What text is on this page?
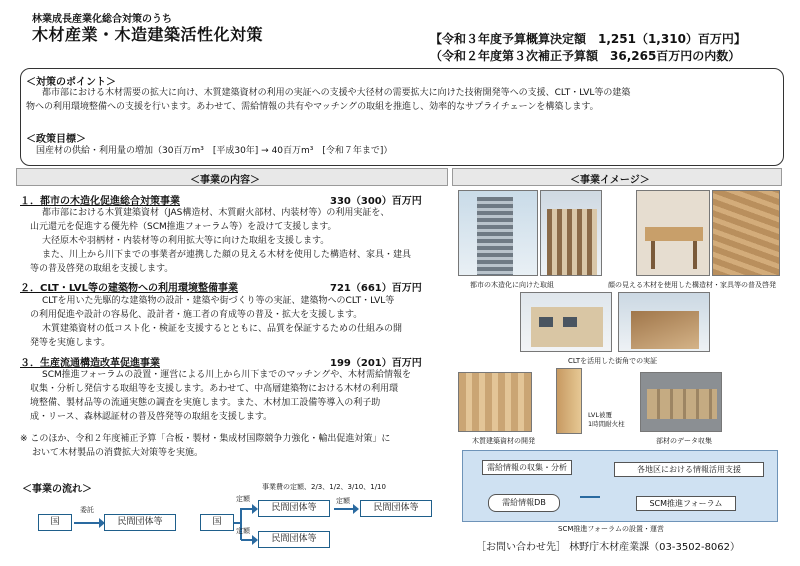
林業成長産業化総合対策のうち
木材産業・木造建築活性化対策	【令和３年度予算概算決定額　1,251（1,310）百万円】
（令和２年度第３次補正予算額　36,265百万円の内数）
＜対策のポイント＞
都市部における木材需要の拡大に向け、木質建築資材の利用の実証への支援や大径材の需要拡大に向けた技術開発等への支援、CLT・LVL等の建築
物への利用環境整備への支援を行います。あわせて、需給情報の共有やマッチングの取組を推進し、効率的なサプライチェーンを構築します。
＜政策目標＞
国産材の供給・利用量の増加（30百万m³　[平成30年] → 40百万m³　[令和７年まで]）
＜事業の内容＞
１．都市の木造化促進総合対策事業	330（300）百万円
都市部における木質建築資材（JAS構造材、木質耐火部材、内装材等）の利用実証を、
山元還元を促進する優先枠（SCM推進フォーラム等）を設けて支援します。
大径原木や羽柄材・内装材等の利用拡大等に向けた取組を支援します。
また、川上から川下までの事業者が連携した顔の見える木材を使用した構造材、家具・建具
等の普及啓発の取組を支援します。
２．CLT・LVL等の建築物への利用環境整備事業	721（661）百万円
CLTを用いた先駆的な建築物の設計・建築や街づくり等の実証、建築物へのCLT・LVL等
の利用促進や設計の容易化、設計者・施工者の育成等の普及・拡大を支援します。
木質建築資材の低コスト化・検証を支援するとともに、品質を保証するための仕組みの開
発等を実施します。
３．生産流通構造改革促進事業	199（201）百万円
SCM推進フォーラムの設置・運営による川上から川下までのマッチングや、木材需給情報を
収集・分析し発信する取組等を支援します。あわせて、中高層建築物における木材の利用環
境整備、製材品等の流通実態の調査を実施します。また、木材加工設備等導入の利子助
成・リース、森林認証材の普及啓発等の取組を支援します。
※ このほか、令和２年度補正予算「合板・製材・集成材国際競争力強化・輸出促進対策」に
おいて木材製品の消費拡大対策等を実施。
＜事業の流れ＞	事業費の定額、2/3、1/2、3/10、1/10
国
委託
民間団体等	国
定額
民間団体等
定額
民間団体等
定額
民間団体等
＜事業イメージ＞
都市の木造化に向けた取組	顔の見える木材を使用した構造材・家具等の普及啓発
CLTを活用した街角での実証
LVL被覆
1時間耐火柱
木質建築資材の開発	部材のデータ収集
需給情報の収集・分析
需給情報DB
各地区における情報活用支援
SCM推進フォーラム
SCM推進フォーラムの設置・運営
［お問い合わせ先］ 林野庁木材産業課（03-3502-8062）
